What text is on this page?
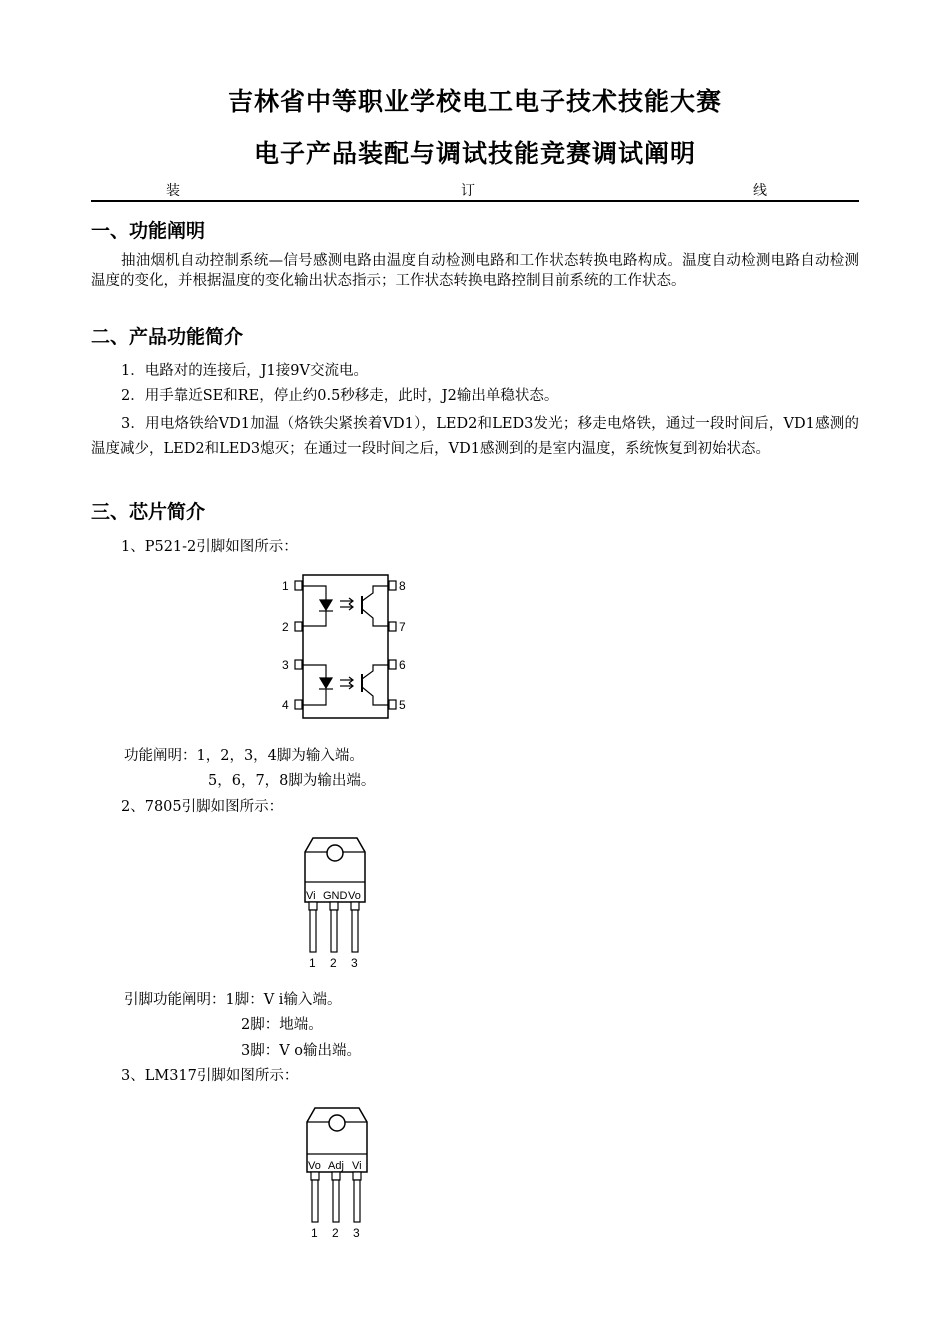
吉林省中等职业学校电工电子技术技能大赛
电子产品装配与调试技能竞赛调试阐明
装	订	线
一、功能阐明
抽油烟机自动控制系统—信号感测电路由温度自动检测电路和工作状态转换电路构成。温度自动检测电路自动检测温度的变化，并根据温度的变化输出状态指示；工作状态转换电路控制目前系统的工作状态。
二、产品功能简介
1．电路对的连接后，J1接9V交流电。
2．用手靠近SE和RE，停止约0.5秒移走，此时，J2输出单稳状态。
3．用电烙铁给VD1加温（烙铁尖紧挨着VD1），LED2和LED3发光；移走电烙铁，通过一段时间后，VD1感测的温度减少，LED2和LED3熄灭；在通过一段时间之后，VD1感测到的是室内温度，系统恢复到初始状态。
三、芯片简介
1、P521-2引脚如图所示：
1
2
3
4
8
7
6
5
功能阐明：1，2，3，4脚为输入端。
5，6，7，8脚为输出端。
2、7805引脚如图所示：
Vi GND Vo
1 2 3
引脚功能阐明：1脚：V i输入端。
2脚：地端。
3脚：V o输出端。
3、LM317引脚如图所示：
Vo Adj Vi
1 2 3
